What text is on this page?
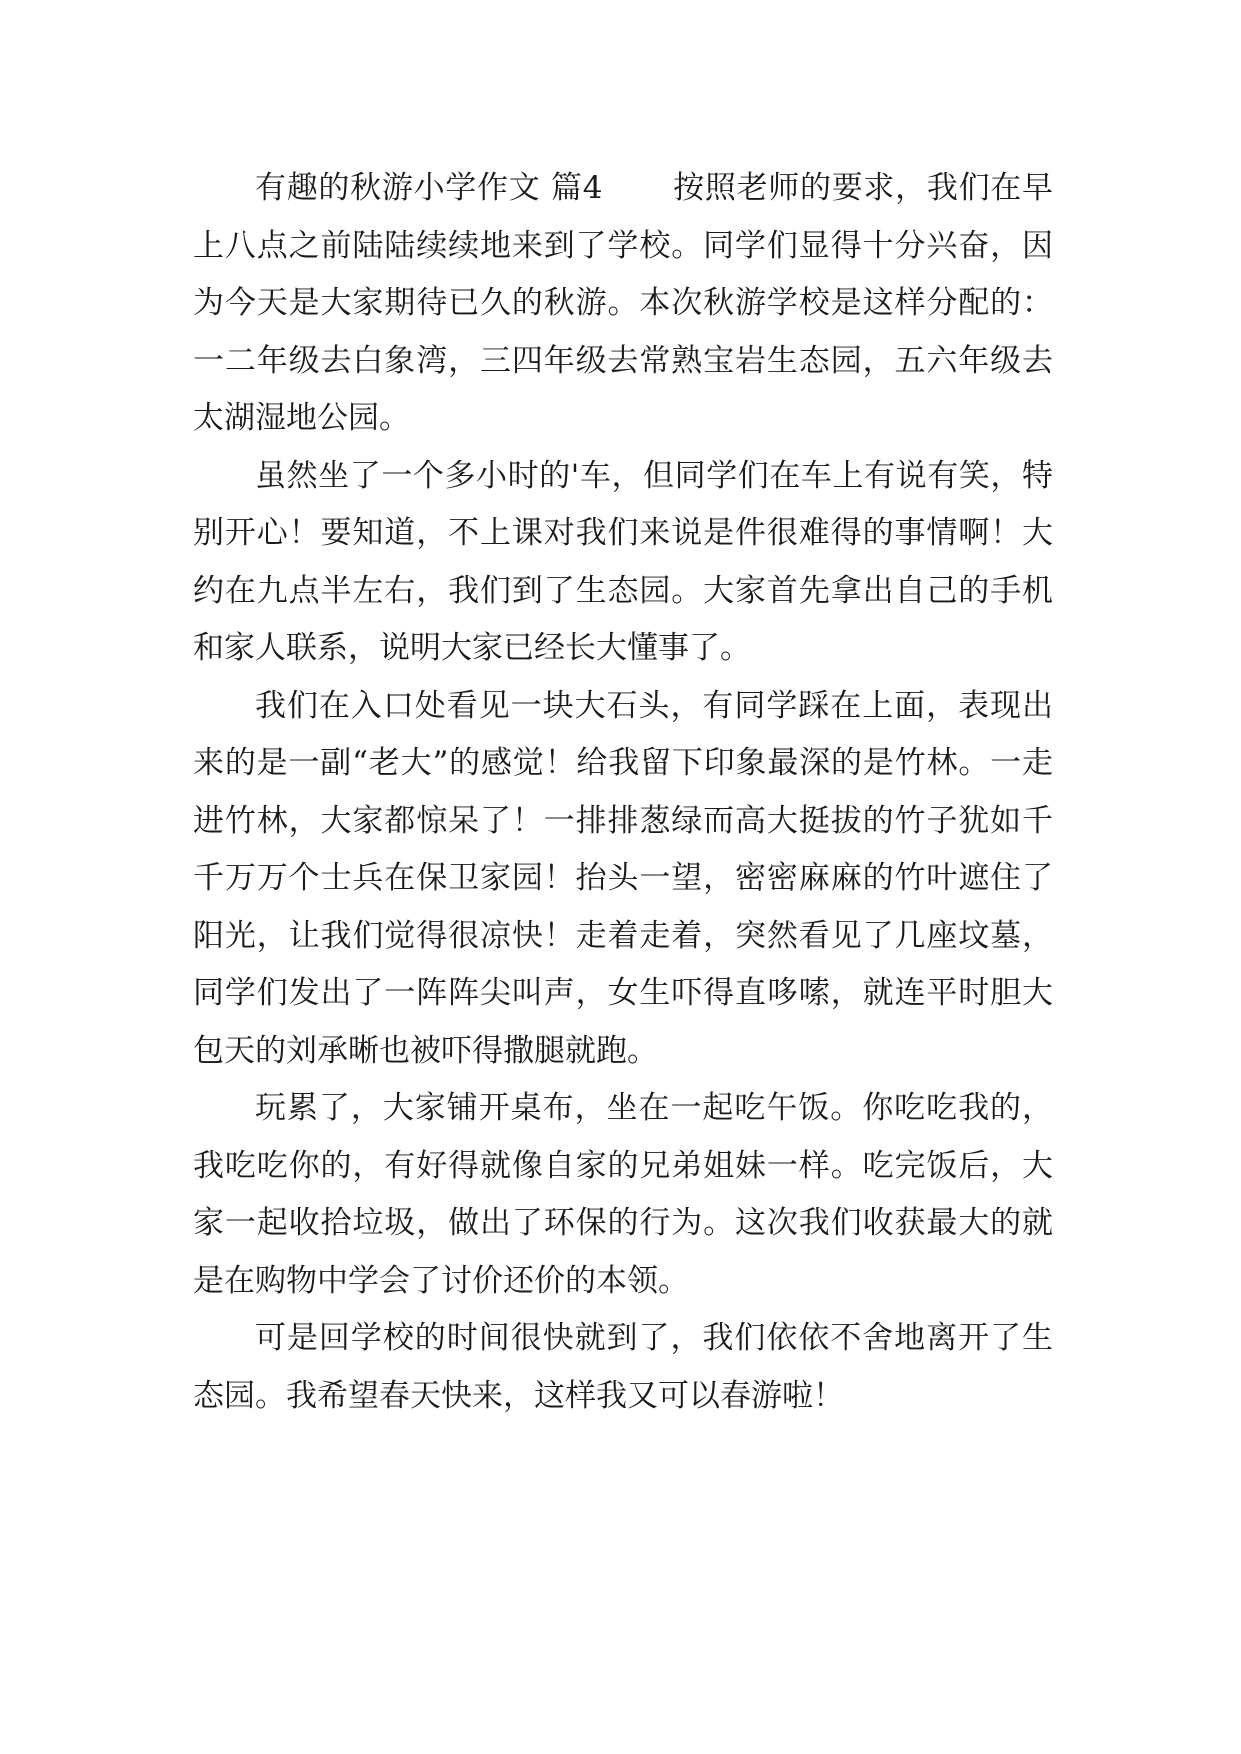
有趣的秋游小学作文 篇4 按照老师的要求，我们在早上八点之前陆陆续续地来到了学校。同学们显得十分兴奋，因为今天是大家期待已久的秋游。本次秋游学校是这样分配的：一二年级去白象湾，三四年级去常熟宝岩生态园，五六年级去太湖湿地公园。

虽然坐了一个多小时的'车，但同学们在车上有说有笑，特别开心！要知道，不上课对我们来说是件很难得的事情啊！大约在九点半左右，我们到了生态园。大家首先拿出自己的手机和家人联系，说明大家已经长大懂事了。

我们在入口处看见一块大石头，有同学踩在上面，表现出来的是一副“老大”的感觉！给我留下印象最深的是竹林。一走进竹林，大家都惊呆了！一排排葱绿而高大挺拔的竹子犹如千千万万个士兵在保卫家园！抬头一望，密密麻麻的竹叶遮住了阳光，让我们觉得很凉快！走着走着，突然看见了几座坟墓，同学们发出了一阵阵尖叫声，女生吓得直哆嗦，就连平时胆大包天的刘承晰也被吓得撒腿就跑。

玩累了，大家铺开桌布，坐在一起吃午饭。你吃吃我的，我吃吃你的，有好得就像自家的兄弟姐妹一样。吃完饭后，大家一起收拾垃圾，做出了环保的行为。这次我们收获最大的就是在购物中学会了讨价还价的本领。

可是回学校的时间很快就到了，我们依依不舍地离开了生态园。我希望春天快来，这样我又可以春游啦！
